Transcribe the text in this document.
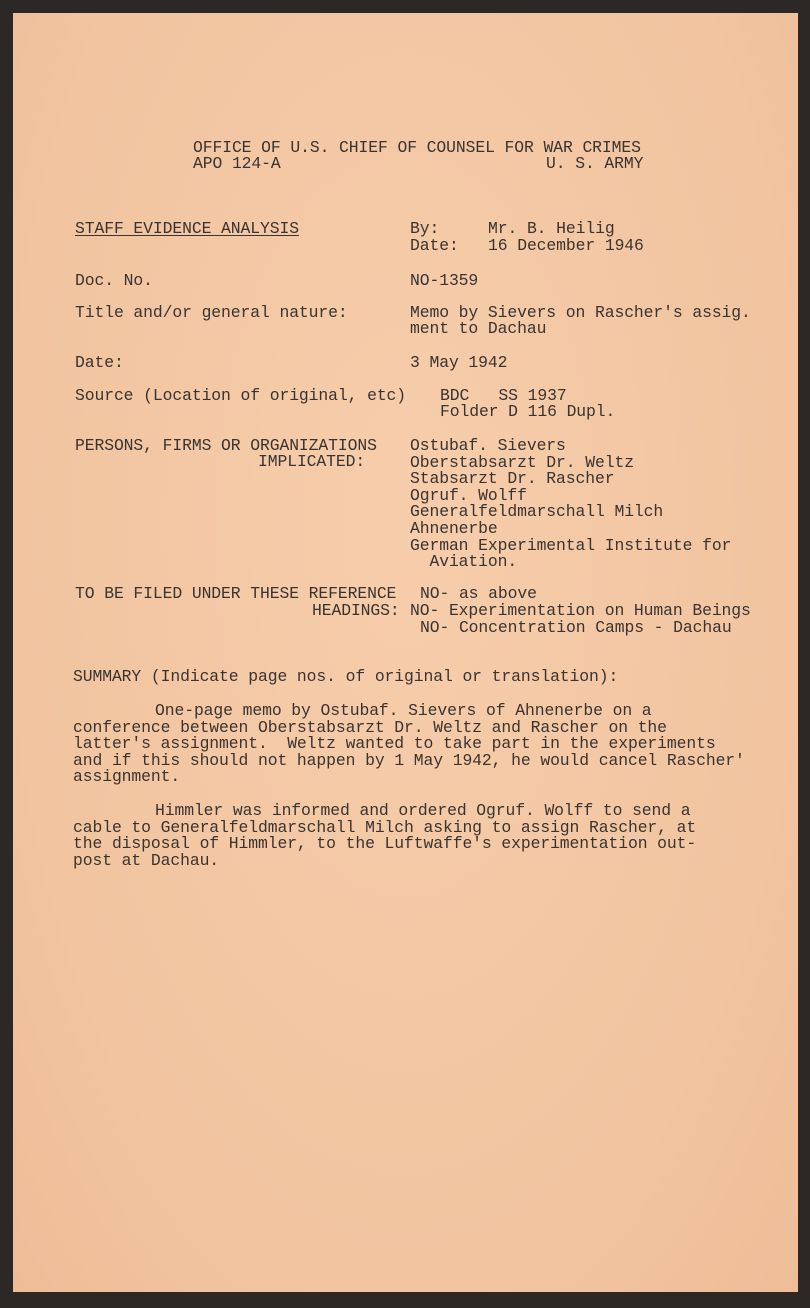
OFFICE OF U.S. CHIEF OF COUNSEL FOR WAR CRIMES
APO 124-A	U. S. ARMY
STAFF EVIDENCE ANALYSIS	By:	Mr. B. Heilig
Date: 16 December 1946
Doc. No.	NO-1359
Title and/or general nature:	Memo by Sievers on Rascher's assig.
ment to Dachau
Date:	3 May 1942
Source (Location of original, etc) BDC   SS 1937
Folder D 116 Dupl.
PERSONS, FIRMS OR ORGANIZATIONS
IMPLICATED:
Ostubaf. Sievers
Oberstabsarzt Dr. Weltz
Stabsarzt Dr. Rascher
Ogruf. Wolff
Generalfeldmarschall Milch
Ahnenerbe
German Experimental Institute for
Aviation.
TO BE FILED UNDER THESE REFERENCE
HEADINGS:
NO- as above
NO- Experimentation on Human Beings
NO- Concentration Camps - Dachau
SUMMARY (Indicate page nos. of original or translation):
One-page memo by Ostubaf. Sievers of Ahnenerbe on a
conference between Oberstabsarzt Dr. Weltz and Rascher on the
latter's assignment.  Weltz wanted to take part in the experiments
and if this should not happen by 1 May 1942, he would cancel Rascher'
assignment.
Himmler was informed and ordered Ogruf. Wolff to send a
cable to Generalfeldmarschall Milch asking to assign Rascher, at
the disposal of Himmler, to the Luftwaffe's experimentation out-
post at Dachau.
